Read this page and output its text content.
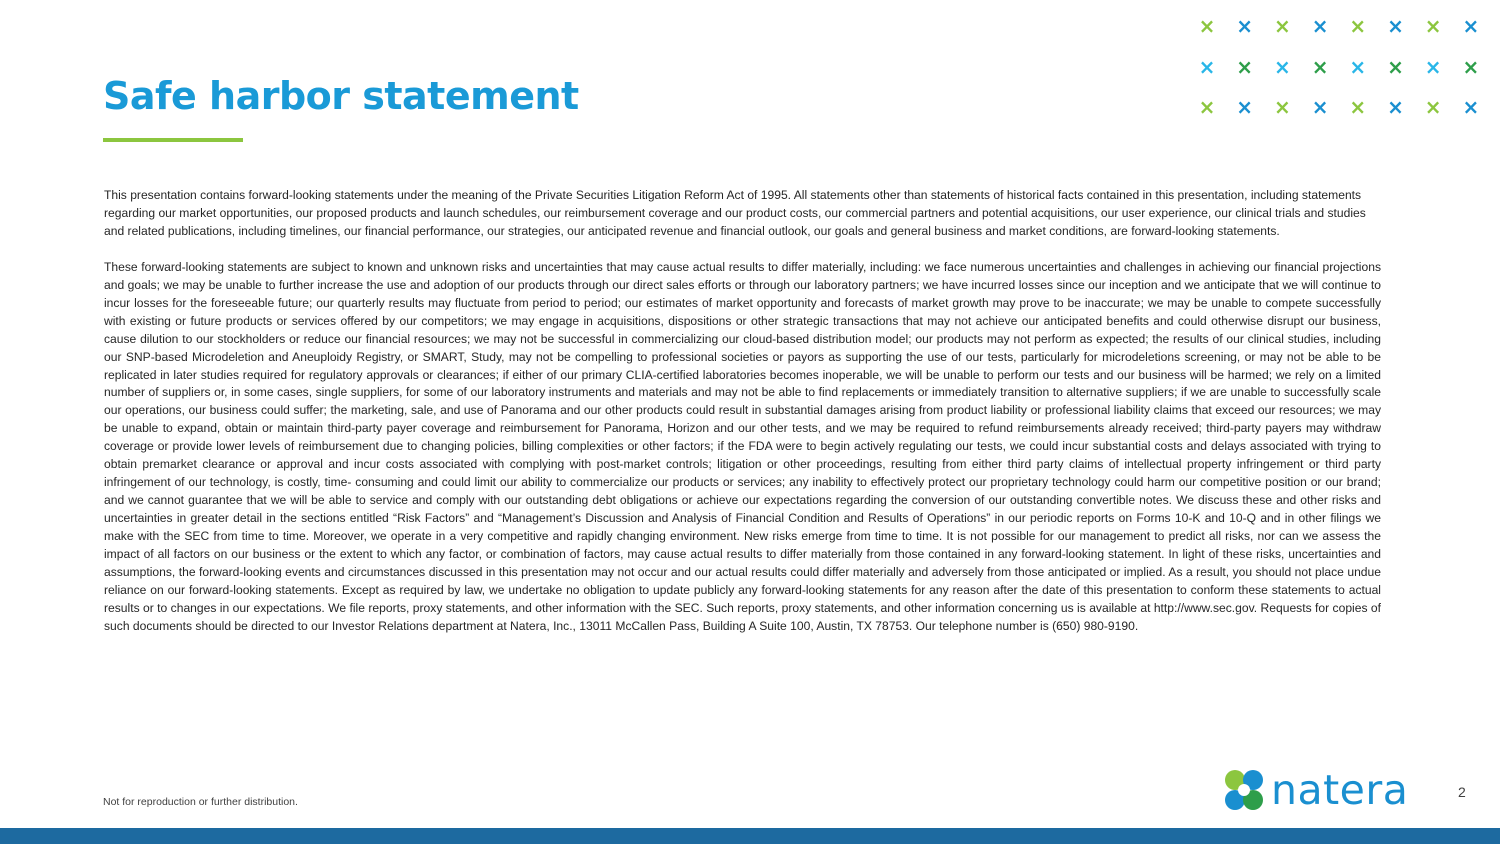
Safe harbor statement
× × × × × × × ×
× × × × × × × ×
× × × × × × × ×

This presentation contains forward-looking statements under the meaning of the Private Securities Litigation Reform Act of 1995. All statements other than statements of historical facts contained in this presentation, including statements regarding our market opportunities, our proposed products and launch schedules, our reimbursement coverage and our product costs, our commercial partners and potential acquisitions, our user experience, our clinical trials and studies and related publications, including timelines, our financial performance, our strategies, our anticipated revenue and financial outlook, our goals and general business and market conditions, are forward-looking statements.

These forward-looking statements are subject to known and unknown risks and uncertainties that may cause actual results to differ materially, including: we face numerous uncertainties and challenges in achieving our financial projections and goals; we may be unable to further increase the use and adoption of our products through our direct sales efforts or through our laboratory partners; we have incurred losses since our inception and we anticipate that we will continue to incur losses for the foreseeable future; our quarterly results may fluctuate from period to period; our estimates of market opportunity and forecasts of market growth may prove to be inaccurate; we may be unable to compete successfully with existing or future products or services offered by our competitors; we may engage in acquisitions, dispositions or other strategic transactions that may not achieve our anticipated benefits and could otherwise disrupt our business, cause dilution to our stockholders or reduce our financial resources; we may not be successful in commercializing our cloud-based distribution model; our products may not perform as expected; the results of our clinical studies, including our SNP-based Microdeletion and Aneuploidy Registry, or SMART, Study, may not be compelling to professional societies or payors as supporting the use of our tests, particularly for microdeletions screening, or may not be able to be replicated in later studies required for regulatory approvals or clearances; if either of our primary CLIA-certified laboratories becomes inoperable, we will be unable to perform our tests and our business will be harmed; we rely on a limited number of suppliers or, in some cases, single suppliers, for some of our laboratory instruments and materials and may not be able to find replacements or immediately transition to alternative suppliers; if we are unable to successfully scale our operations, our business could suffer; the marketing, sale, and use of Panorama and our other products could result in substantial damages arising from product liability or professional liability claims that exceed our resources; we may be unable to expand, obtain or maintain third-party payer coverage and reimbursement for Panorama, Horizon and our other tests, and we may be required to refund reimbursements already received; third-party payers may withdraw coverage or provide lower levels of reimbursement due to changing policies, billing complexities or other factors; if the FDA were to begin actively regulating our tests, we could incur substantial costs and delays associated with trying to obtain premarket clearance or approval and incur costs associated with complying with post-market controls; litigation or other proceedings, resulting from either third party claims of intellectual property infringement or third party infringement of our technology, is costly, time- consuming and could limit our ability to commercialize our products or services; any inability to effectively protect our proprietary technology could harm our competitive position or our brand; and we cannot guarantee that we will be able to service and comply with our outstanding debt obligations or achieve our expectations regarding the conversion of our outstanding convertible notes. We discuss these and other risks and uncertainties in greater detail in the sections entitled “Risk Factors” and “Management’s Discussion and Analysis of Financial Condition and Results of Operations” in our periodic reports on Forms 10-K and 10-Q and in other filings we make with the SEC from time to time. Moreover, we operate in a very competitive and rapidly changing environment. New risks emerge from time to time. It is not possible for our management to predict all risks, nor can we assess the impact of all factors on our business or the extent to which any factor, or combination of factors, may cause actual results to differ materially from those contained in any forward-looking statement. In light of these risks, uncertainties and assumptions, the forward-looking events and circumstances discussed in this presentation may not occur and our actual results could differ materially and adversely from those anticipated or implied. As a result, you should not place undue reliance on our forward-looking statements. Except as required by law, we undertake no obligation to update publicly any forward-looking statements for any reason after the date of this presentation to conform these statements to actual results or to changes in our expectations. We file reports, proxy statements, and other information with the SEC. Such reports, proxy statements, and other information concerning us is available at http://www.sec.gov. Requests for copies of such documents should be directed to our Investor Relations department at Natera, Inc., 13011 McCallen Pass, Building A Suite 100, Austin, TX 78753. Our telephone number is (650) 980-9190.

Not for reproduction or further distribution.	natera	2
